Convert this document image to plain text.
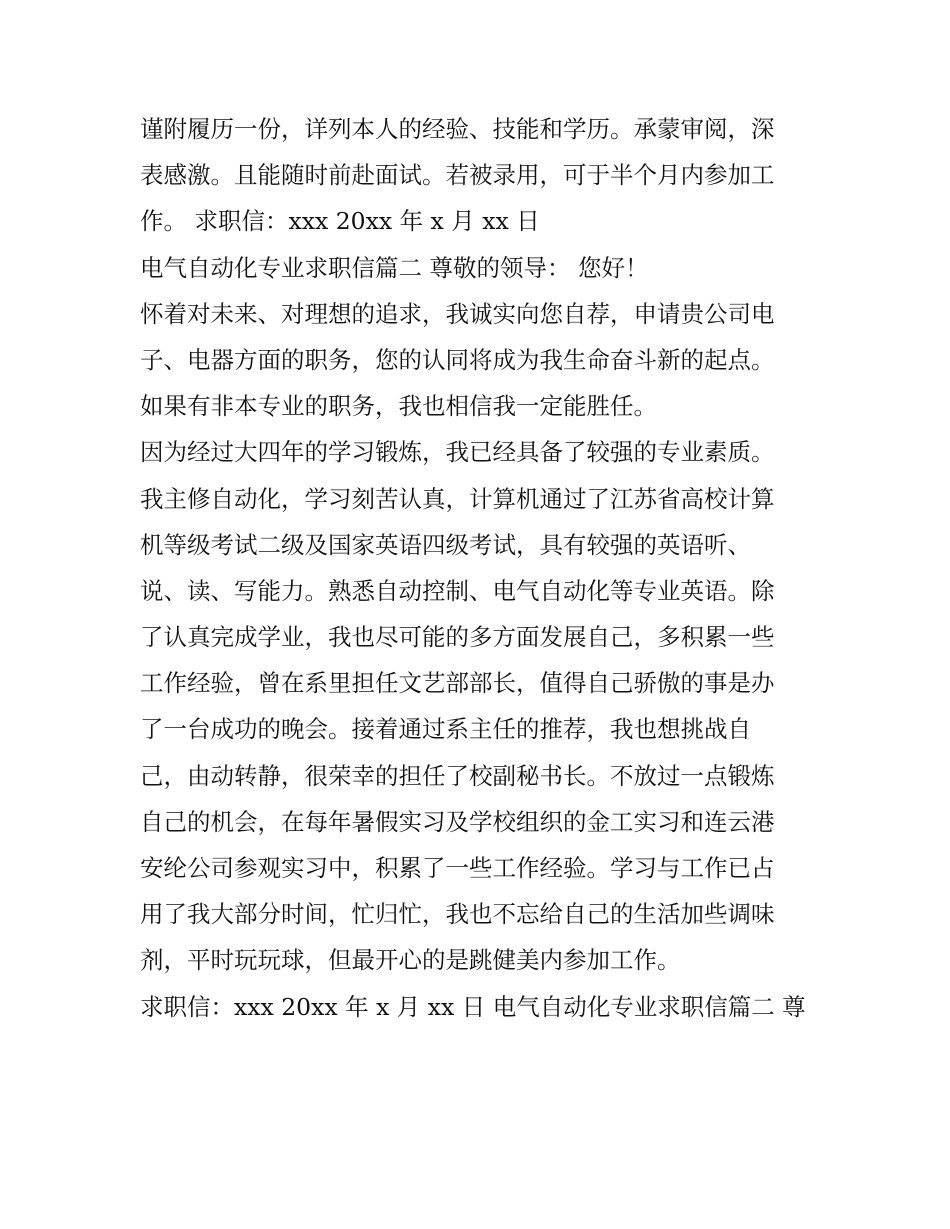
谨附履历一份，详列本人的经验、技能和学历。承蒙审阅，深
表感激。且能随时前赴面试。若被录用，可于半个月内参加工
作。 求职信：xxx 20xx 年 x 月 xx 日
电气自动化专业求职信篇二 尊敬的领导： 您好！
怀着对未来、对理想的追求，我诚实向您自荐，申请贵公司电
子、电器方面的职务，您的认同将成为我生命奋斗新的起点。
如果有非本专业的职务，我也相信我一定能胜任。
因为经过大四年的学习锻炼，我已经具备了较强的专业素质。
我主修自动化，学习刻苦认真，计算机通过了江苏省高校计算
机等级考试二级及国家英语四级考试，具有较强的英语听、
说、读、写能力。熟悉自动控制、电气自动化等专业英语。除
了认真完成学业，我也尽可能的多方面发展自己，多积累一些
工作经验，曾在系里担任文艺部部长，值得自己骄傲的事是办
了一台成功的晚会。接着通过系主任的推荐，我也想挑战自
己，由动转静，很荣幸的担任了校副秘书长。不放过一点锻炼
自己的机会，在每年暑假实习及学校组织的金工实习和连云港
安纶公司参观实习中，积累了一些工作经验。学习与工作已占
用了我大部分时间，忙归忙，我也不忘给自己的生活加些调味
剂，平时玩玩球，但最开心的是跳健美内参加工作。
求职信：xxx 20xx 年 x 月 xx 日 电气自动化专业求职信篇二 尊
